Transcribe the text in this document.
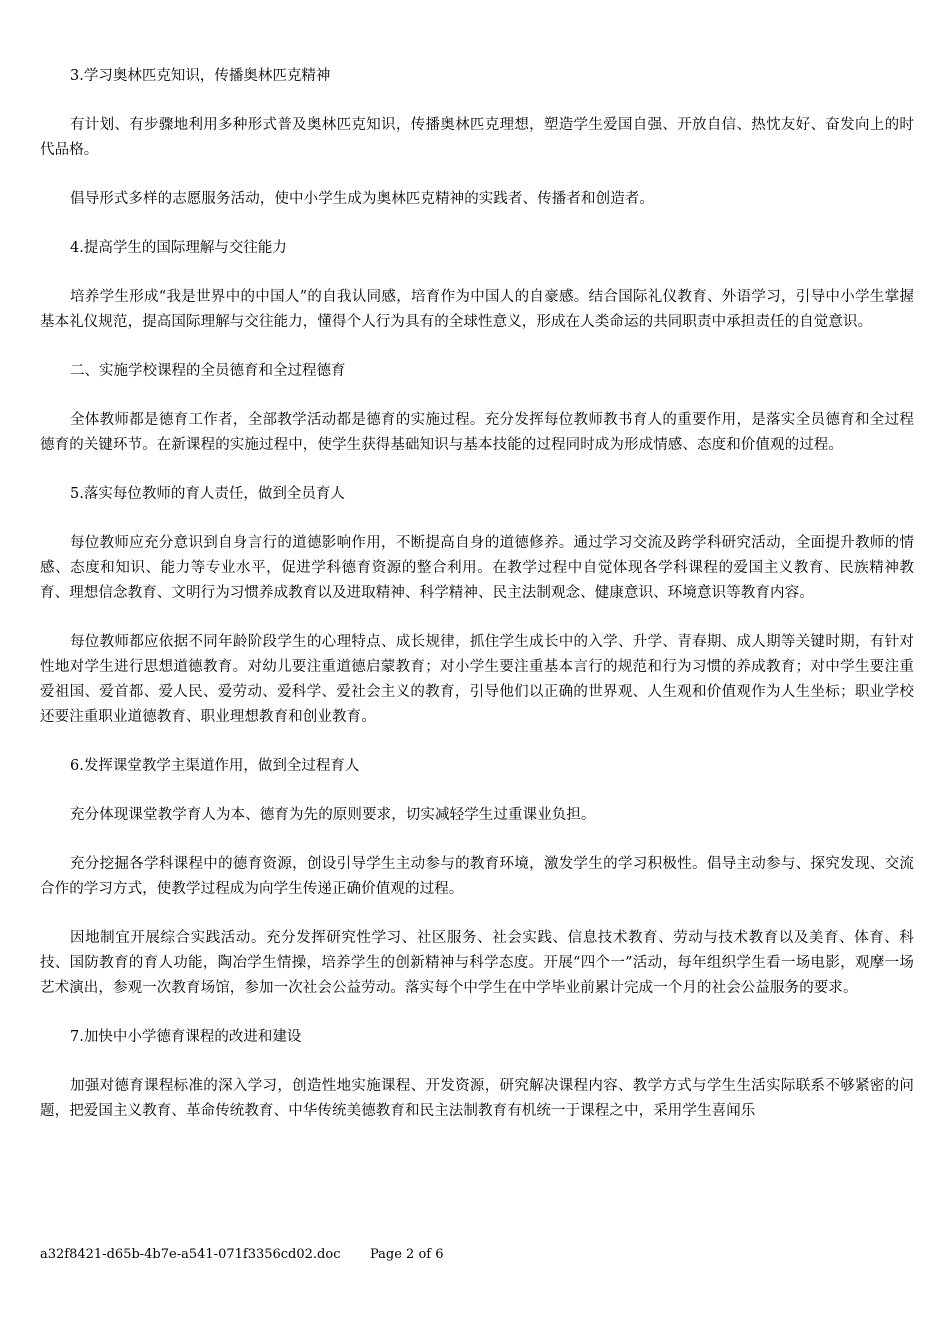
3.学习奥林匹克知识，传播奥林匹克精神

有计划、有步骤地利用多种形式普及奥林匹克知识，传播奥林匹克理想，塑造学生爱国自强、开放自信、热忱友好、奋发向上的时代品格。

倡导形式多样的志愿服务活动，使中小学生成为奥林匹克精神的实践者、传播者和创造者。

4.提高学生的国际理解与交往能力

培养学生形成“我是世界中的中国人”的自我认同感，培育作为中国人的自豪感。结合国际礼仪教育、外语学习，引导中小学生掌握基本礼仪规范，提高国际理解与交往能力，懂得个人行为具有的全球性意义，形成在人类命运的共同职责中承担责任的自觉意识。

二、实施学校课程的全员德育和全过程德育

全体教师都是德育工作者，全部教学活动都是德育的实施过程。充分发挥每位教师教书育人的重要作用，是落实全员德育和全过程德育的关键环节。在新课程的实施过程中，使学生获得基础知识与基本技能的过程同时成为形成情感、态度和价值观的过程。

5.落实每位教师的育人责任，做到全员育人

每位教师应充分意识到自身言行的道德影响作用，不断提高自身的道德修养。通过学习交流及跨学科研究活动，全面提升教师的情感、态度和知识、能力等专业水平，促进学科德育资源的整合利用。在教学过程中自觉体现各学科课程的爱国主义教育、民族精神教育、理想信念教育、文明行为习惯养成教育以及进取精神、科学精神、民主法制观念、健康意识、环境意识等教育内容。

每位教师都应依据不同年龄阶段学生的心理特点、成长规律，抓住学生成长中的入学、升学、青春期、成人期等关键时期，有针对性地对学生进行思想道德教育。对幼儿要注重道德启蒙教育；对小学生要注重基本言行的规范和行为习惯的养成教育；对中学生要注重爱祖国、爱首都、爱人民、爱劳动、爱科学、爱社会主义的教育，引导他们以正确的世界观、人生观和价值观作为人生坐标；职业学校还要注重职业道德教育、职业理想教育和创业教育。

6.发挥课堂教学主渠道作用，做到全过程育人

充分体现课堂教学育人为本、德育为先的原则要求，切实减轻学生过重课业负担。

充分挖掘各学科课程中的德育资源，创设引导学生主动参与的教育环境，激发学生的学习积极性。倡导主动参与、探究发现、交流合作的学习方式，使教学过程成为向学生传递正确价值观的过程。

因地制宜开展综合实践活动。充分发挥研究性学习、社区服务、社会实践、信息技术教育、劳动与技术教育以及美育、体育、科技、国防教育的育人功能，陶冶学生情操，培养学生的创新精神与科学态度。开展“四个一”活动，每年组织学生看一场电影，观摩一场艺术演出，参观一次教育场馆，参加一次社会公益劳动。落实每个中学生在中学毕业前累计完成一个月的社会公益服务的要求。

7.加快中小学德育课程的改进和建设

加强对德育课程标准的深入学习，创造性地实施课程、开发资源，研究解决课程内容、教学方式与学生生活实际联系不够紧密的问题，把爱国主义教育、革命传统教育、中华传统美德教育和民主法制教育有机统一于课程之中，采用学生喜闻乐

a32f8421-d65b-4b7e-a541-071f3356cd02.doc Page 2 of 6
